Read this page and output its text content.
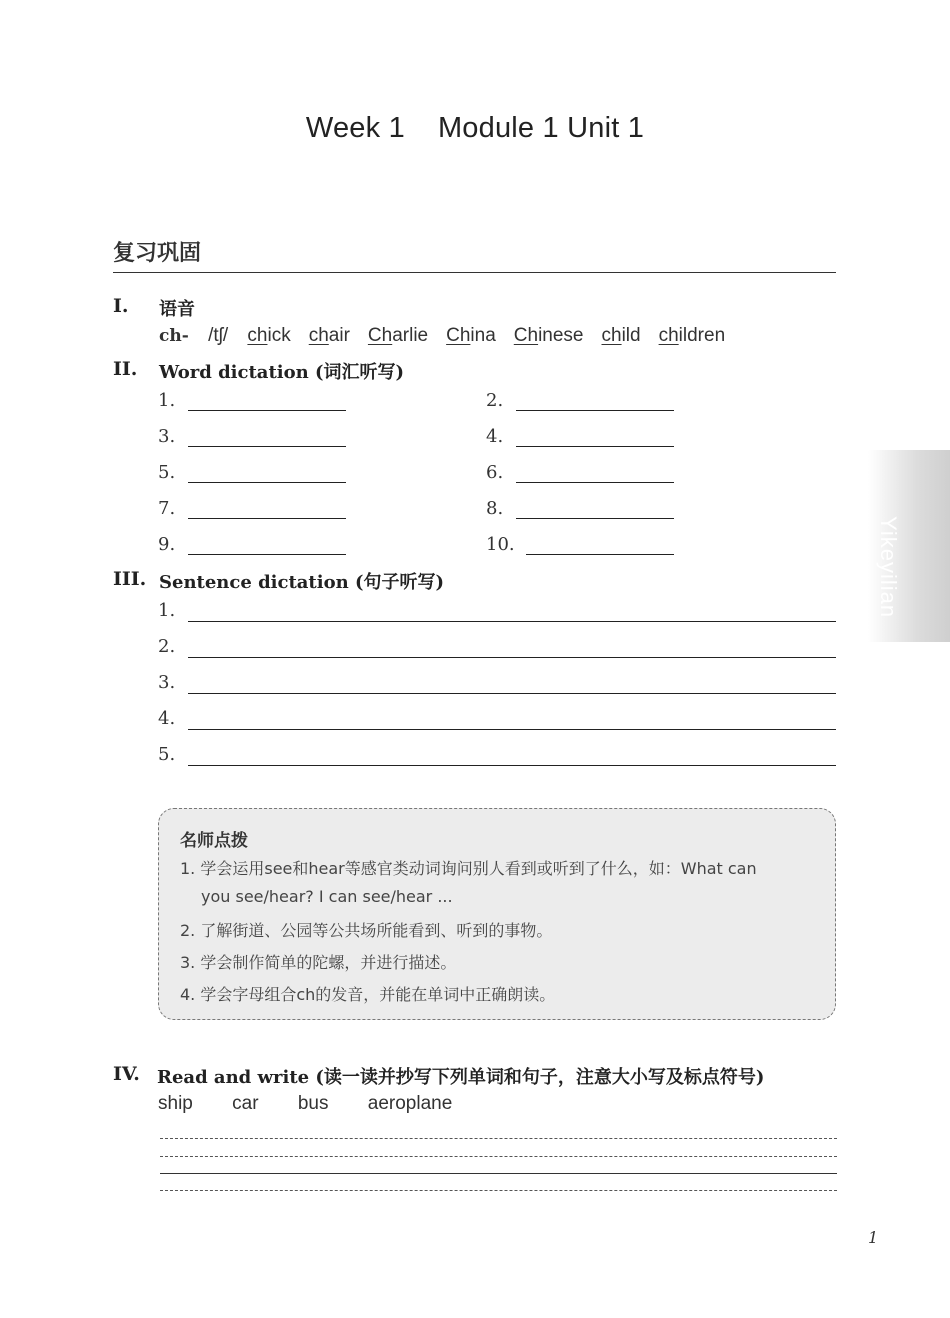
Week 1    Module 1 Unit 1
复习巩固
I. 语音
ch- /tʃ/ chick chair Charlie China Chinese child children
II. Word dictation (词汇听写)
1.	2.
3.	4.
5.	6.
7.	8.
9.	10.
III. Sentence dictation (句子听写)
1.
2.
3.
4.
5.
名师点拨
1. 学会运用see和hear等感官类动词询问别人看到或听到了什么，如：What can
you see/hear? I can see/hear ...
2. 了解街道、公园等公共场所能看到、听到的事物。
3. 学会制作简单的陀螺，并进行描述。
4. 学会字母组合ch的发音，并能在单词中正确朗读。
IV. Read and write (读一读并抄写下列单词和句子，注意大小写及标点符号)
ship car bus aeroplane
Yikeyilian
1
